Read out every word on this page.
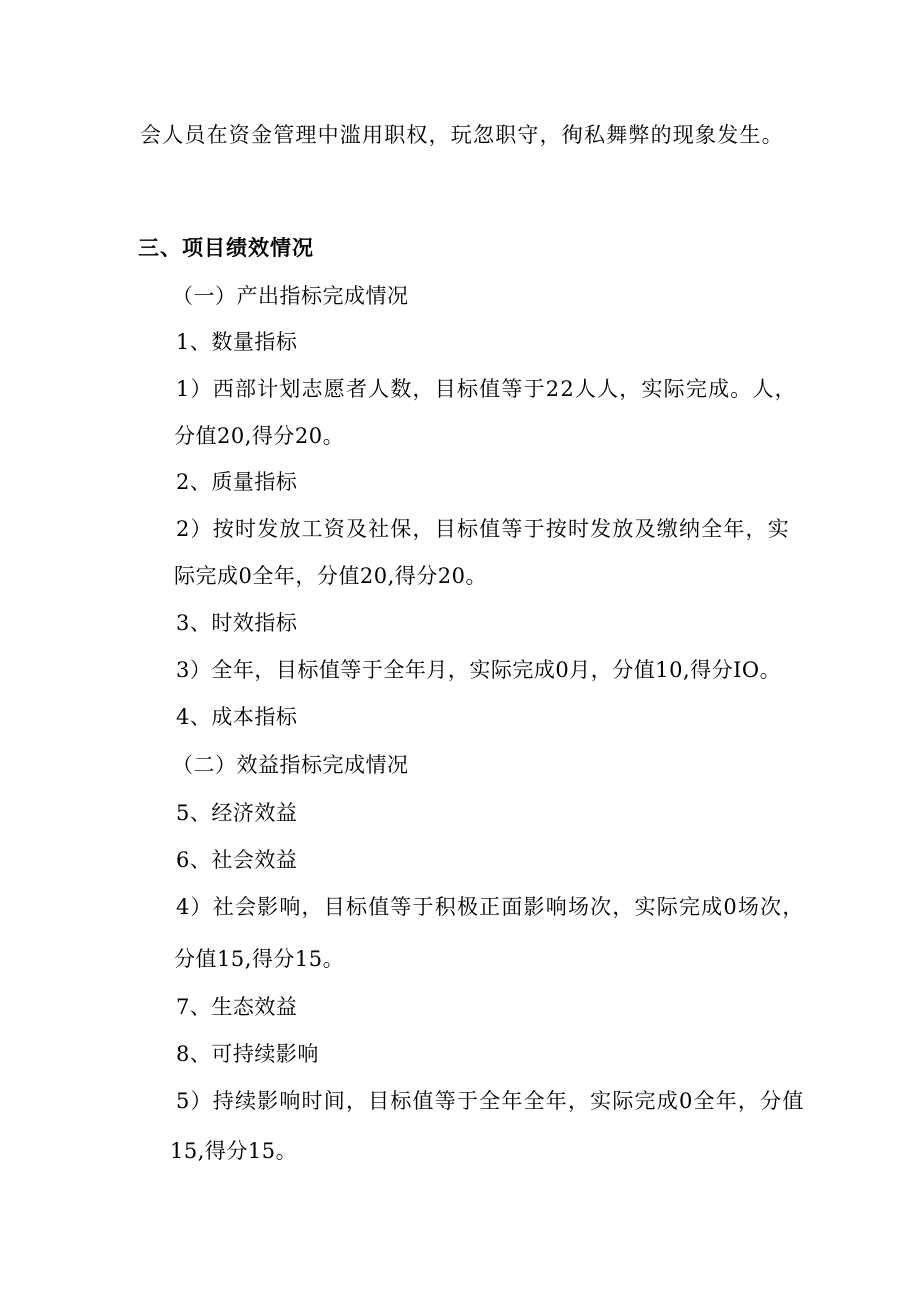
会人员在资金管理中滥用职权，玩忽职守，徇私舞弊的现象发生。

三、项目绩效情况

（一）产出指标完成情况

1、数量指标

1）西部计划志愿者人数，目标值等于22人人，实际完成。人，

分值20,得分20。

2、质量指标

2）按时发放工资及社保，目标值等于按时发放及缴纳全年，实

际完成0全年，分值20,得分20。

3、时效指标

3）全年，目标值等于全年月，实际完成0月，分值10,得分IO。

4、成本指标

（二）效益指标完成情况

5、经济效益

6、社会效益

4）社会影响，目标值等于积极正面影响场次，实际完成0场次，

分值15,得分15。

7、生态效益

8、可持续影响

5）持续影响时间，目标值等于全年全年，实际完成0全年，分值

15,得分15。
